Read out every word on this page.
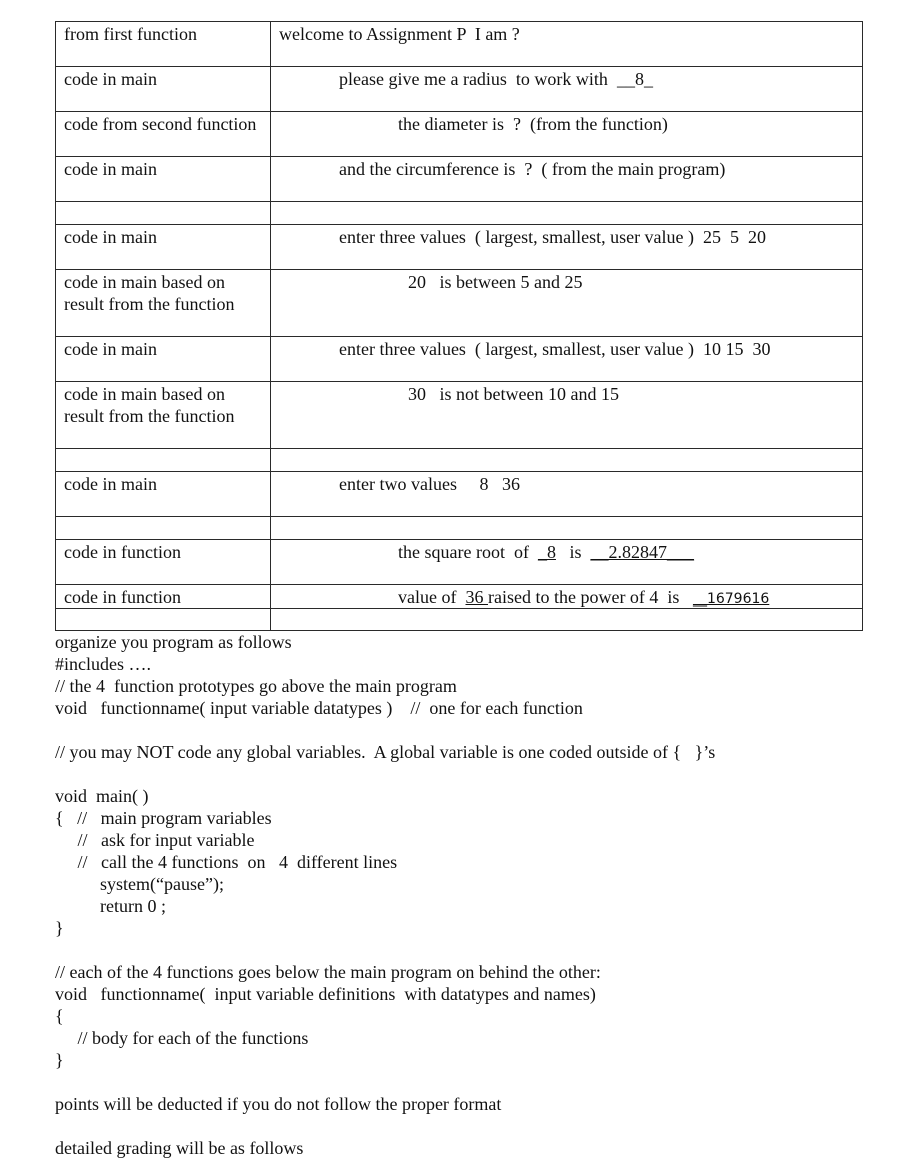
from first function	welcome to Assignment P  I am ?

code in main	please give me a radius  to work with  __8_

code from second function	the diameter is  ?  (from the function)

code in main	and the circumference is  ?  ( from the main program)

code in main	enter three values  ( largest, smallest, user value )  25  5  20

code in main based on
result from the function	20   is between 5 and 25

code in main	enter three values  ( largest, smallest, user value )  10 15  30

code in main based on
result from the function	30   is not between 10 and 15

code in main	enter two values     8   36

code in function	the square root  of  _8   is  __2.82847___

code in function	value of  36 raised to the power of 4  is   __1679616

organize you program as follows
#includes ….
// the 4  function prototypes go above the main program
void   functionname( input variable datatypes )    //  one for each function
// you may NOT code any global variables.  A global variable is one coded outside of {   }’s
void  main( )
{   //   main program variables
//   ask for input variable
//   call the 4 functions  on   4  different lines
system(“pause”);
return 0 ;
}
// each of the 4 functions goes below the main program on behind the other:
void   functionname(  input variable definitions  with datatypes and names)
{
// body for each of the functions
}
points will be deducted if you do not follow the proper format
detailed grading will be as follows
